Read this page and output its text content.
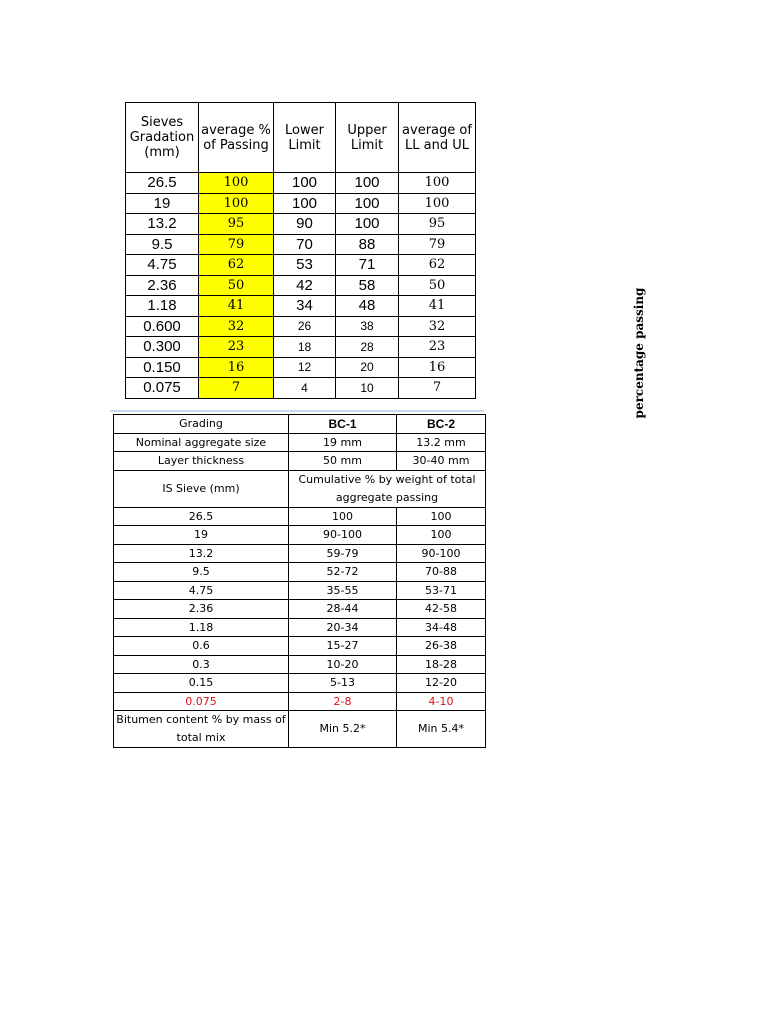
Sieves Gradation (mm)	average % of Passing	Lower Limit	Upper Limit	average of LL and UL
26.5	100	100	100	100
19	100	100	100	100
13.2	95	90	100	95
9.5	79	70	88	79
4.75	62	53	71	62
2.36	50	42	58	50
1.18	41	34	48	41
0.600	32	26	38	32
0.300	23	18	28	23
0.150	16	12	20	16
0.075	7	4	10	7
Grading	BC-1	BC-2
Nominal aggregate size	19 mm	13.2 mm
Layer thickness	50 mm	30-40 mm
IS Sieve (mm)	Cumulative % by weight of total aggregate passing	
26.5	100	100
19	90-100	100
13.2	59-79	90-100
9.5	52-72	70-88
4.75	35-55	53-71
2.36	28-44	42-58
1.18	20-34	34-48
0.6	15-27	26-38
0.3	10-20	18-28
0.15	5-13	12-20
0.075	2-8	4-10
Bitumen content % by mass of total mix	Min 5.2*	Min 5.4*
percentage passing
